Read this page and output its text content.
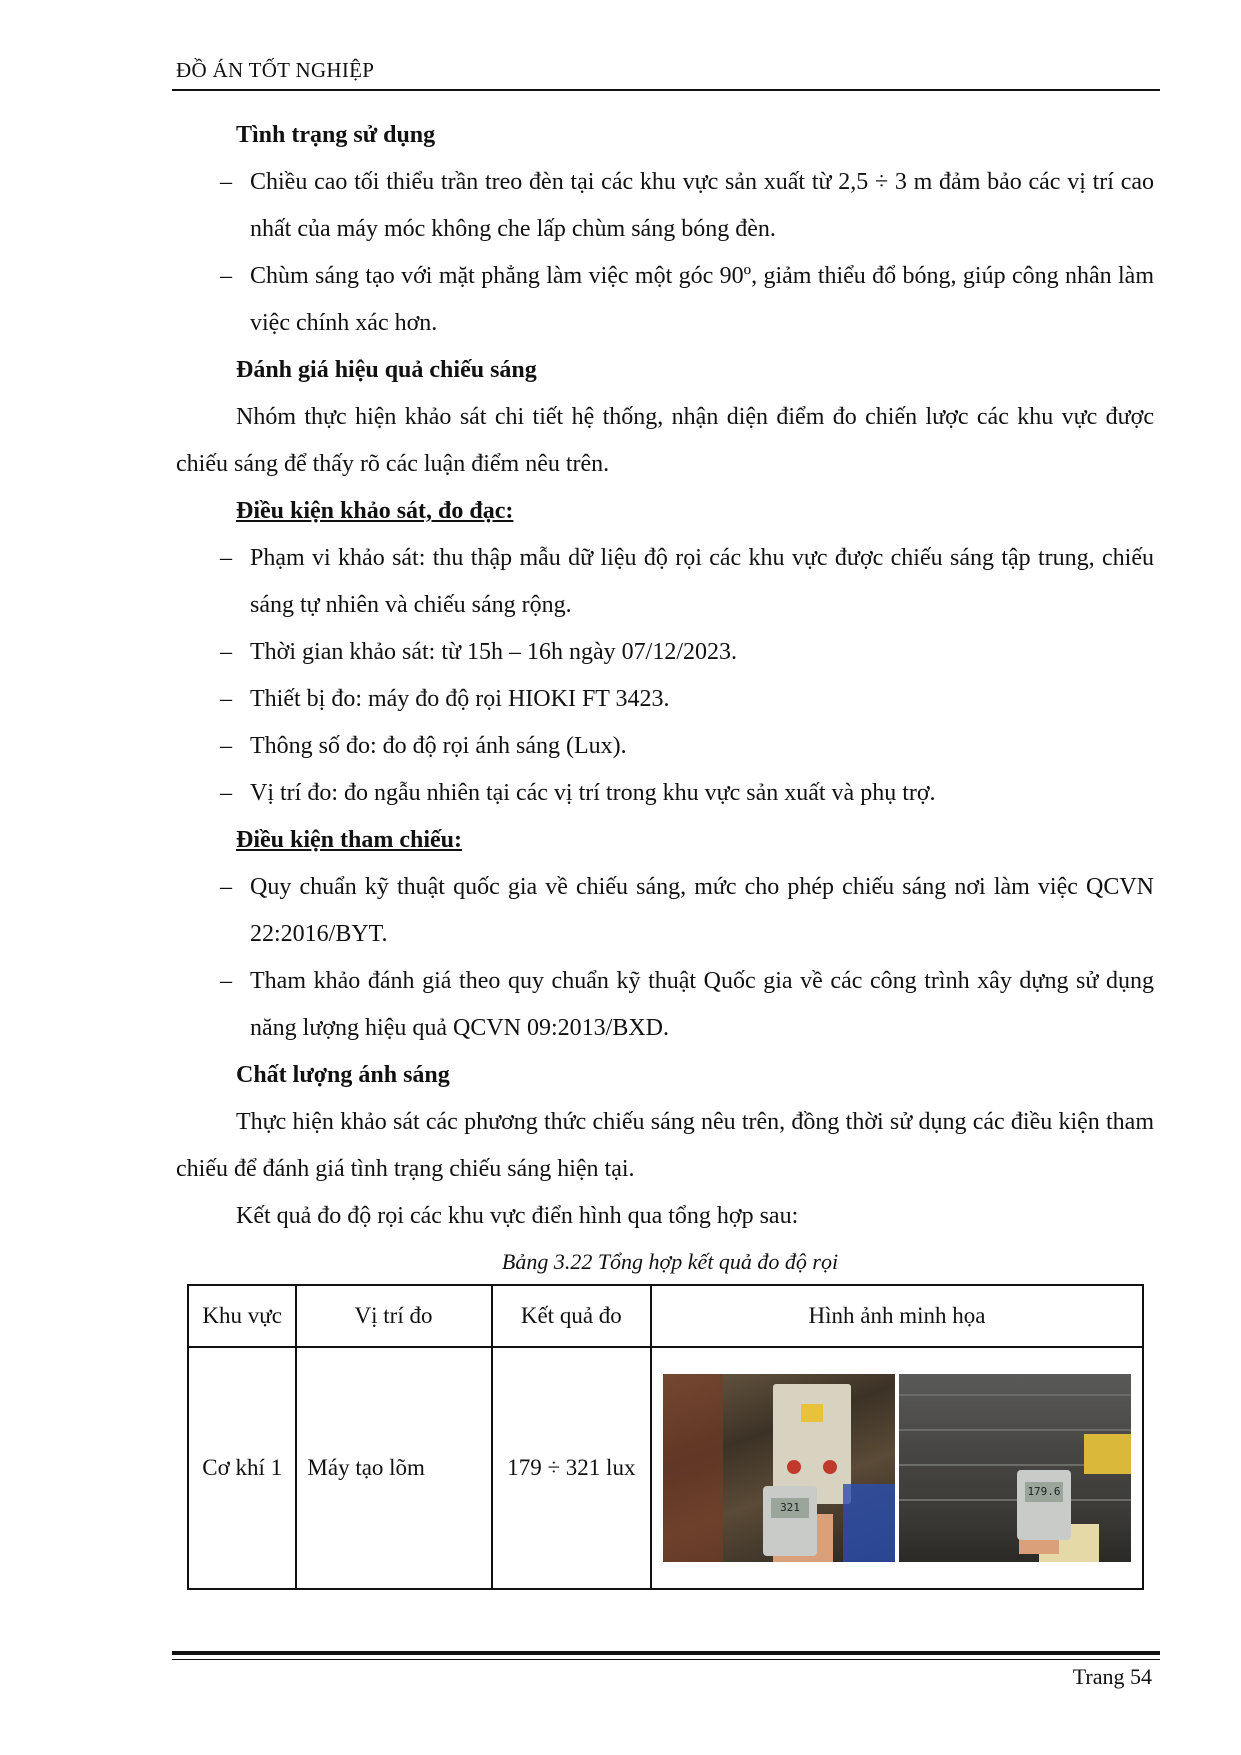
ĐỒ ÁN TỐT NGHIỆP
Tình trạng sử dụng
– Chiều cao tối thiểu trần treo đèn tại các khu vực sản xuất từ 2,5 ÷ 3 m đảm bảo các vị trí cao nhất của máy móc không che lấp chùm sáng bóng đèn.
– Chùm sáng tạo với mặt phẳng làm việc một góc 90º, giảm thiểu đổ bóng, giúp công nhân làm việc chính xác hơn.
Đánh giá hiệu quả chiếu sáng
Nhóm thực hiện khảo sát chi tiết hệ thống, nhận diện điểm đo chiến lược các khu vực được chiếu sáng để thấy rõ các luận điểm nêu trên.
Điều kiện khảo sát, đo đạc:
– Phạm vi khảo sát: thu thập mẫu dữ liệu độ rọi các khu vực được chiếu sáng tập trung, chiếu sáng tự nhiên và chiếu sáng rộng.
– Thời gian khảo sát: từ 15h – 16h ngày 07/12/2023.
– Thiết bị đo: máy đo độ rọi HIOKI FT 3423.
– Thông số đo: đo độ rọi ánh sáng (Lux).
– Vị trí đo: đo ngẫu nhiên tại các vị trí trong khu vực sản xuất và phụ trợ.
Điều kiện tham chiếu:
– Quy chuẩn kỹ thuật quốc gia về chiếu sáng, mức cho phép chiếu sáng nơi làm việc QCVN 22:2016/BYT.
– Tham khảo đánh giá theo quy chuẩn kỹ thuật Quốc gia về các công trình xây dựng sử dụng năng lượng hiệu quả QCVN 09:2013/BXD.
Chất lượng ánh sáng
Thực hiện khảo sát các phương thức chiếu sáng nêu trên, đồng thời sử dụng các điều kiện tham chiếu để đánh giá tình trạng chiếu sáng hiện tại.
Kết quả đo độ rọi các khu vực điển hình qua tổng hợp sau:
Bảng 3.22 Tổng hợp kết quả đo độ rọi
Khu vực	Vị trí đo	Kết quả đo	Hình ảnh minh họa
Cơ khí 1	Máy tạo lõm	179 ÷ 321 lux	321
179.6
Trang 54
